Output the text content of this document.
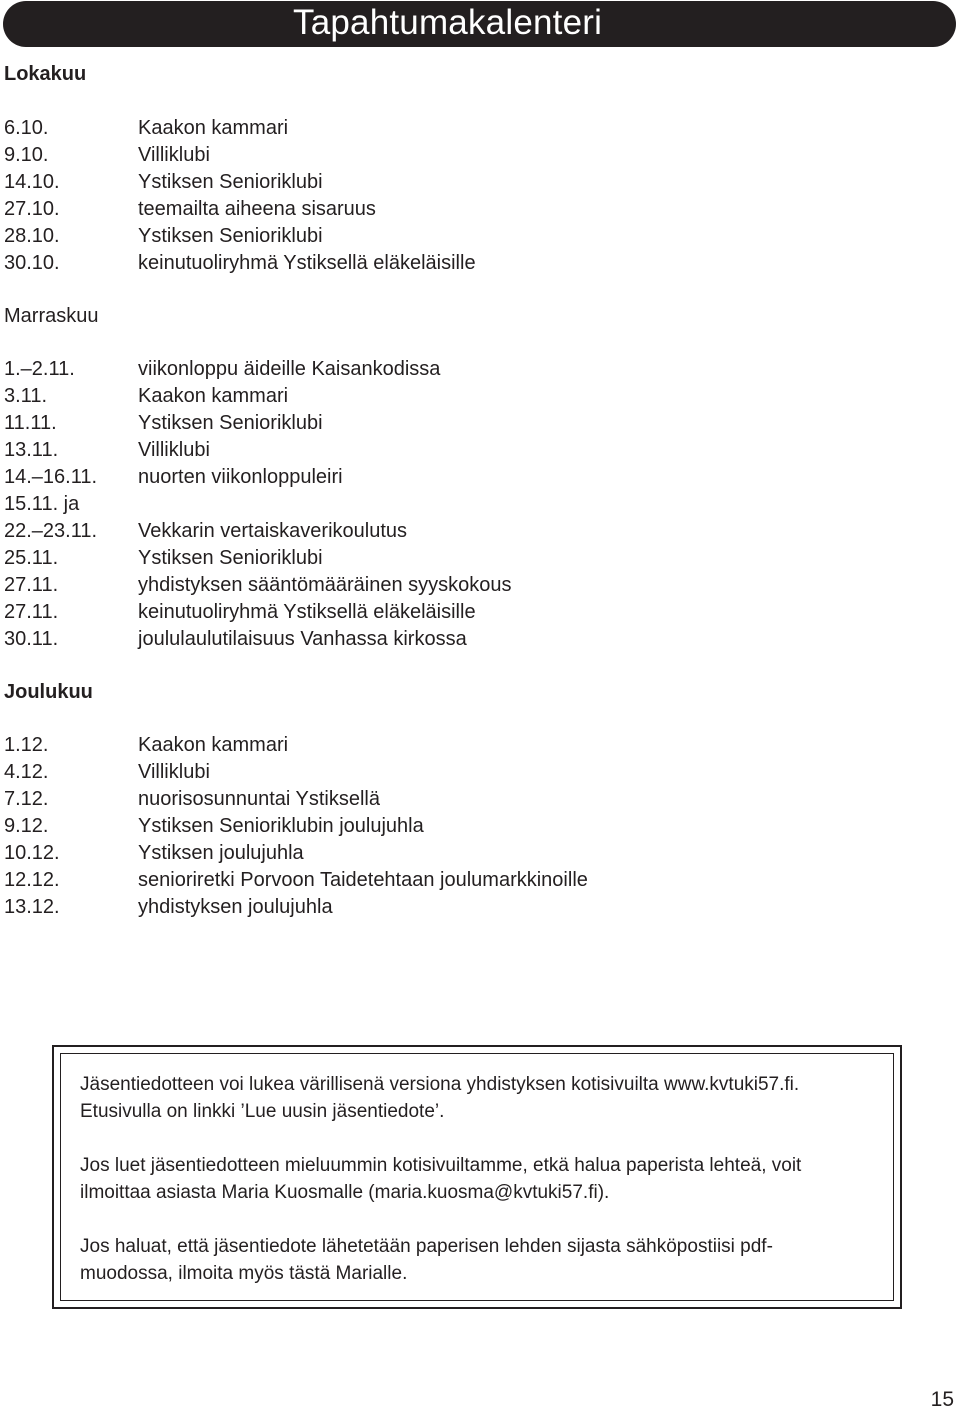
Tapahtumakalenteri
Lokakuu
6.10.	Kaakon kammari
9.10.	Villiklubi
14.10.	Ystiksen Senioriklubi
27.10.	teemailta aiheena sisaruus
28.10.	Ystiksen Senioriklubi
30.10.	keinutuoliryhmä Ystiksellä eläkeläisille
Marraskuu
1.–2.11.	viikonloppu äideille Kaisankodissa
3.11.	Kaakon kammari
11.11.	Ystiksen Senioriklubi
13.11.	Villiklubi
14.–16.11. nuorten viikonloppuleiri
15.11. ja
22.–23.11. Vekkarin vertaiskaverikoulutus
25.11.	Ystiksen Senioriklubi
27.11.	yhdistyksen sääntömääräinen syyskokous
27.11.	keinutuoliryhmä Ystiksellä eläkeläisille
30.11.	joululaulutilaisuus Vanhassa kirkossa
Joulukuu
1.12.	Kaakon kammari
4.12.	Villiklubi
7.12.	nuorisosunnuntai Ystiksellä
9.12.	Ystiksen Senioriklubin joulujuhla
10.12.	Ystiksen joulujuhla
12.12.	senioriretki Porvoon Taidetehtaan joulumarkkinoille
13.12.	yhdistyksen joulujuhla

Jäsentiedotteen voi lukea värillisenä versiona yhdistyksen kotisivuilta www.kvtuki57.fi. Etusivulla on linkki ’Lue uusin jäsentiedote’.

Jos luet jäsentiedotteen mieluummin kotisivuiltamme, etkä halua paperista lehteä, voit ilmoittaa asiasta Maria Kuosmalle (maria.kuosma@kvtuki57.fi).

Jos haluat, että jäsentiedote lähetetään paperisen lehden sijasta sähköpostiisi pdf-muodossa, ilmoita myös tästä Marialle.

15
